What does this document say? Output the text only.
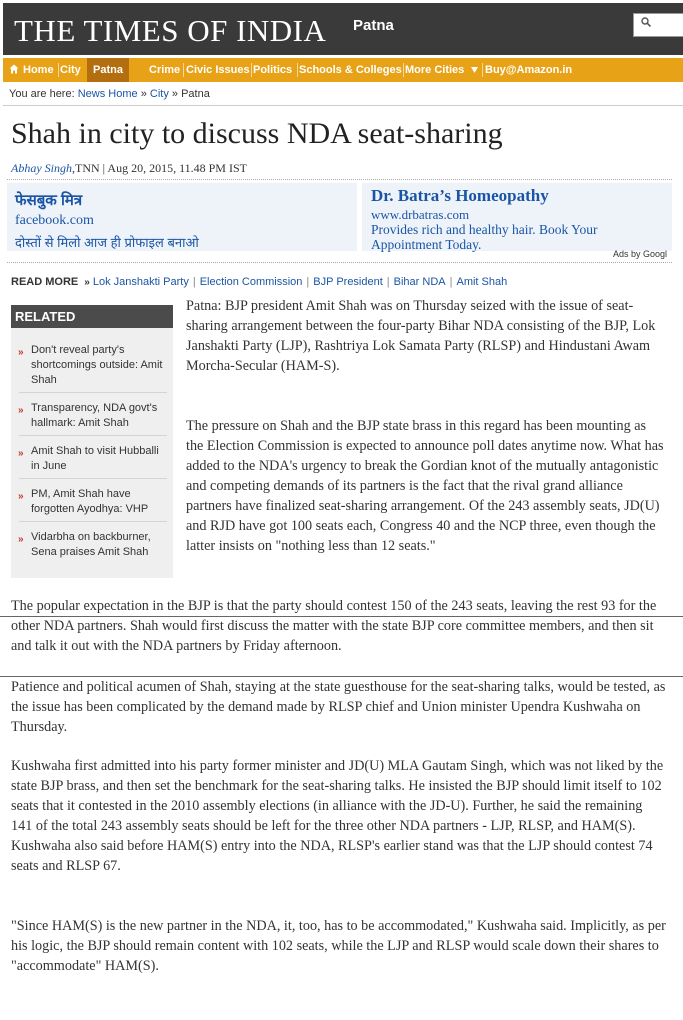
THE TIMES OF INDIA Patna
Home City	Patna	Crime Civic Issues Politics Schools & Colleges More Cities Buy@Amazon.in
You are here: News Home » City » Patna
Shah in city to discuss NDA seat-sharing
Abhay Singh,TNN | Aug 20, 2015, 11.48 PM IST
फेसबुक मित्र
facebook.com
दोस्तों से मिलो आज ही प्रोफाइल बनाओ
Dr. Batra’s Homeopathy
www.drbatras.com
Provides rich and healthy hair. Book Your Appointment Today.
Ads by Googl
READ MORE » Lok Janshakti Party | Election Commission | BJP President | Bihar NDA | Amit Shah
RELATED
» Don't reveal party's shortcomings outside: Amit Shah
» Transparency, NDA govt's hallmark: Amit Shah
» Amit Shah to visit Hubballi in June
» PM, Amit Shah have forgotten Ayodhya: VHP
» Vidarbha on backburner, Sena praises Amit Shah
Patna: BJP president Amit Shah was on Thursday seized with the issue of seat-sharing arrangement between the four-party Bihar NDA consisting of the BJP, Lok Janshakti Party (LJP), Rashtriya Lok Samata Party (RLSP) and Hindustani Awam Morcha-Secular (HAM-S).
The pressure on Shah and the BJP state brass in this regard has been mounting as the Election Commission is expected to announce poll dates anytime now. What has added to the NDA's urgency to break the Gordian knot of the mutually antagonistic and competing demands of its partners is the fact that the rival grand alliance partners have finalized seat-sharing arrangement. Of the 243 assembly seats, JD(U) and RJD have got 100 seats each, Congress 40 and the NCP three, even though the latter insists on "nothing less than 12 seats."
The popular expectation in the BJP is that the party should contest 150 of the 243 seats, leaving the rest 93 for the other NDA partners. Shah would first discuss the matter with the state BJP core committee members, and then sit and talk it out with the NDA partners by Friday afternoon.
Patience and political acumen of Shah, staying at the state guesthouse for the seat-sharing talks, would be tested, as the issue has been complicated by the demand made by RLSP chief and Union minister Upendra Kushwaha on Thursday.
Kushwaha first admitted into his party former minister and JD(U) MLA Gautam Singh, which was not liked by the state BJP brass, and then set the benchmark for the seat-sharing talks. He insisted the BJP should limit itself to 102 seats that it contested in the 2010 assembly elections (in alliance with the JD-U). Further, he said the remaining 141 of the total 243 assembly seats should be left for the three other NDA partners - LJP, RLSP, and HAM(S). Kushwaha also said before HAM(S) entry into the NDA, RLSP's earlier stand was that the LJP should contest 74 seats and RLSP 67.
"Since HAM(S) is the new partner in the NDA, it, too, has to be accommodated," Kushwaha said. Implicitly, as per his logic, the BJP should remain content with 102 seats, while the LJP and RLSP would scale down their shares to "accommodate" HAM(S).
